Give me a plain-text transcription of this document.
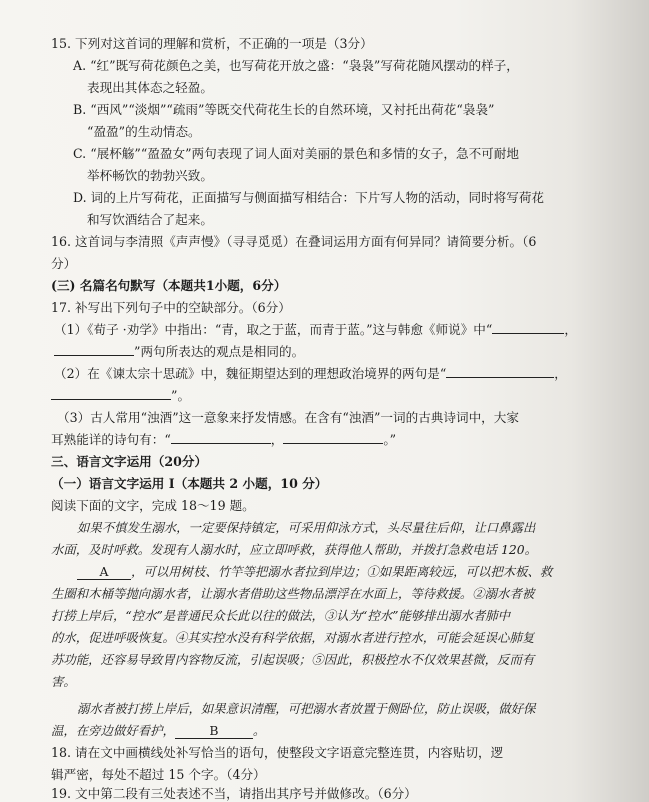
15. 下列对这首词的理解和赏析，不正确的一项是（3分）
A. “红”既写荷花颜色之美，也写荷花开放之盛：“袅袅”写荷花随风摆动的样子，
表现出其体态之轻盈。
B. “西风”“淡烟”“疏雨”等既交代荷花生长的自然环境，又衬托出荷花“袅袅”
“盈盈”的生动情态。
C. “展杯觞”“盈盈女”两句表现了词人面对美丽的景色和多情的女子，急不可耐地
举杯畅饮的勃勃兴致。
D. 词的上片写荷花，正面描写与侧面描写相结合：下片写人物的活动，同时将写荷花
和写饮酒结合了起来。
16. 这首词与李清照《声声慢》（寻寻觅觅）在叠词运用方面有何异同？请简要分析。（6
分）
(三) 名篇名句默写（本题共1小题，6分）
17. 补写出下列句子中的空缺部分。（6分）
（1）《荀子 ·劝学》中指出：“青，取之于蓝，而青于蓝。”这与韩愈《师说》中“	，
”两句所表达的观点是相同的。
（2）在《谏太宗十思疏》中，魏征期望达到的理想政治境界的两句是“	，
”。
（3）古人常用“浊酒”这一意象来抒发情感。在含有“浊酒”一词的古典诗词中，大家
耳熟能详的诗句有：“	，	。”
三、语言文字运用（20分）
（一）语言文字运用 Ⅰ（本题共 2 小题，10 分）
阅读下面的文字，完成 18～19 题。
如果不慎发生溺水，一定要保持镇定，可采用仰泳方式，头尽量往后仰，让口鼻露出
水面，及时呼救。发现有人溺水时，应立即呼救，获得他人帮助，并拨打急救电话 120。
A ，可以用树枝、竹竿等把溺水者拉到岸边；①如果距离较远，可以把木板、救
生圈和木桶等抛向溺水者，让溺水者借助这些物品漂浮在水面上，等待救援。②溺水者被
打捞上岸后，“控水”是普通民众长此以往的做法，③认为“控水”能够排出溺水者肺中
的水，促进呼吸恢复。④其实控水没有科学依据，对溺水者进行控水，可能会延误心肺复
苏功能，还容易导致胃内容物反流，引起误吸；⑤因此，积极控水不仅效果甚微，反而有
害。
溺水者被打捞上岸后，如果意识清醒，可把溺水者放置于侧卧位，防止误吸，做好保
温，在旁边做好看护，	B	。
18. 请在文中画横线处补写恰当的语句，使整段文字语意完整连贯，内容贴切，逻
辑严密，每处不超过 15 个字。（4分）
19. 文中第二段有三处表述不当，请指出其序号并做修改。（6分）
